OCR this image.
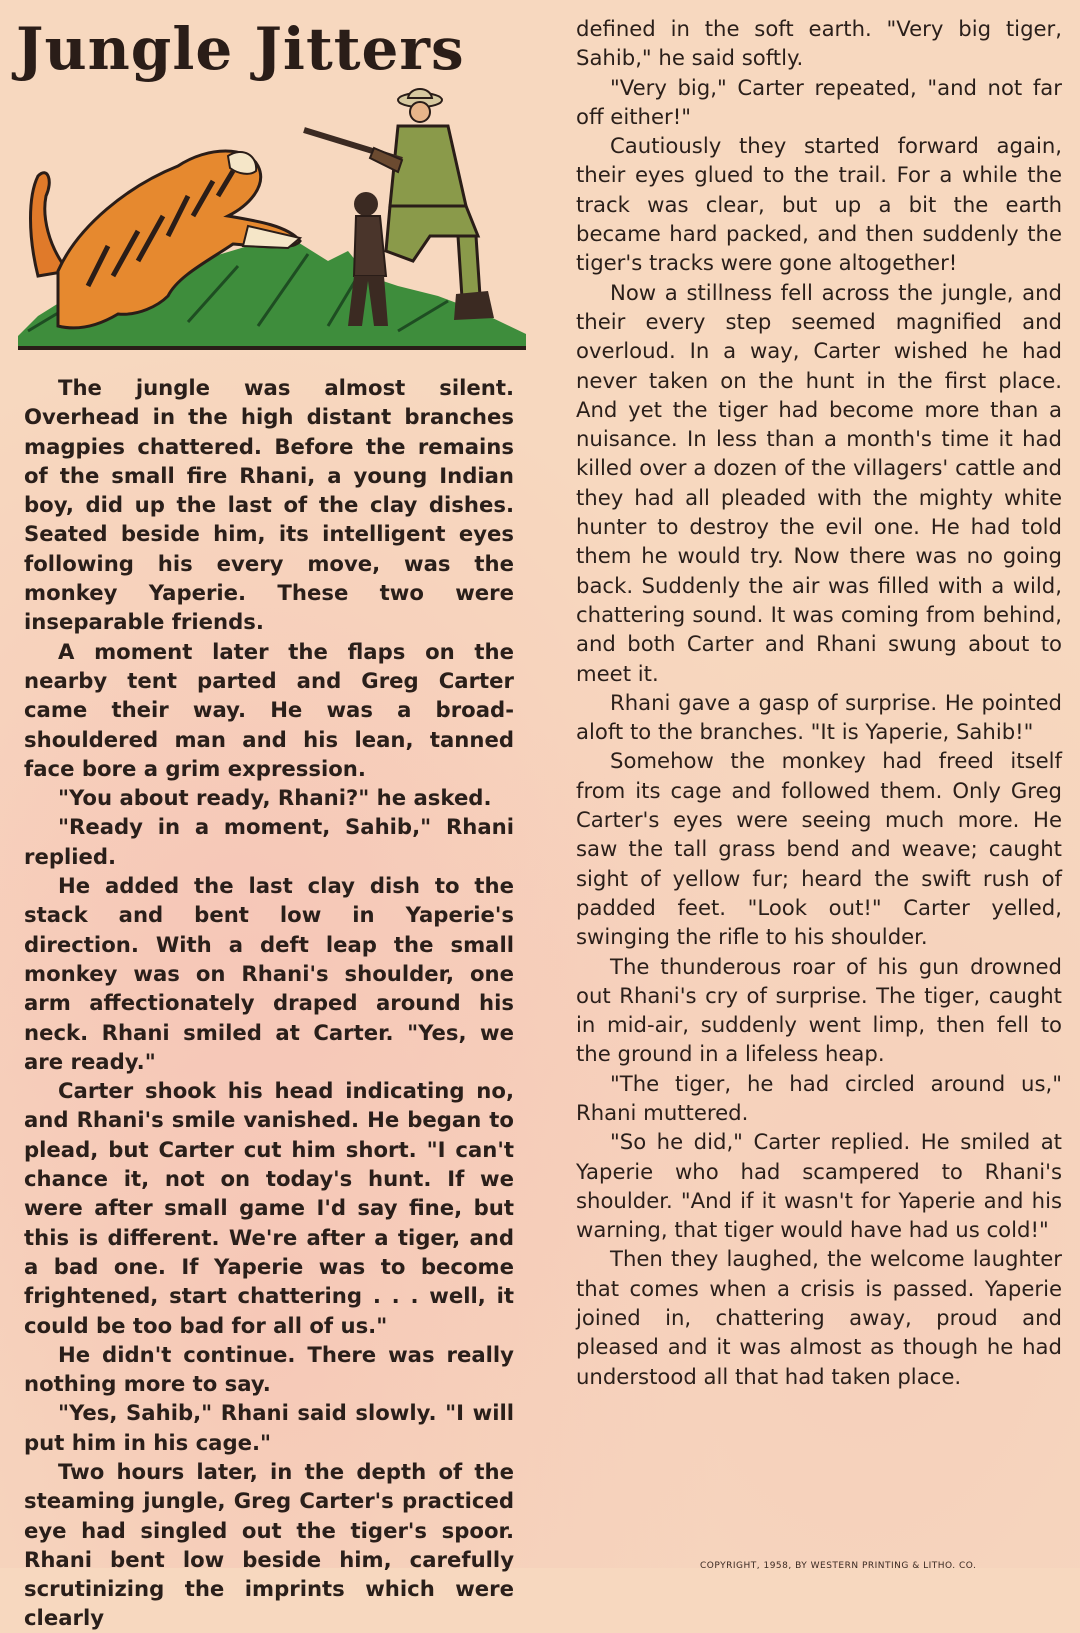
Jungle Jitters

The jungle was almost silent. Overhead in the high distant branches magpies chattered. Before the remains of the small fire Rhani, a young Indian boy, did up the last of the clay dishes. Seated beside him, its intelligent eyes following his every move, was the monkey Yaperie. These two were inseparable friends.

A moment later the flaps on the nearby tent parted and Greg Carter came their way. He was a broad-shouldered man and his lean, tanned face bore a grim expression.

"You about ready, Rhani?" he asked.

"Ready in a moment, Sahib," Rhani replied.

He added the last clay dish to the stack and bent low in Yaperie's direction. With a deft leap the small monkey was on Rhani's shoulder, one arm affectionately draped around his neck. Rhani smiled at Carter. "Yes, we are ready."

Carter shook his head indicating no, and Rhani's smile vanished. He began to plead, but Carter cut him short. "I can't chance it, not on today's hunt. If we were after small game I'd say fine, but this is different. We're after a tiger, and a bad one. If Yaperie was to become frightened, start chattering . . . well, it could be too bad for all of us."

He didn't continue. There was really nothing more to say.

"Yes, Sahib," Rhani said slowly. "I will put him in his cage."

Two hours later, in the depth of the steaming jungle, Greg Carter's practiced eye had singled out the tiger's spoor. Rhani bent low beside him, carefully scrutinizing the imprints which were clearly

defined in the soft earth. "Very big tiger, Sahib," he said softly.

"Very big," Carter repeated, "and not far off either!"

Cautiously they started forward again, their eyes glued to the trail. For a while the track was clear, but up a bit the earth became hard packed, and then suddenly the tiger's tracks were gone altogether!

Now a stillness fell across the jungle, and their every step seemed magnified and overloud. In a way, Carter wished he had never taken on the hunt in the first place. And yet the tiger had become more than a nuisance. In less than a month's time it had killed over a dozen of the villagers' cattle and they had all pleaded with the mighty white hunter to destroy the evil one. He had told them he would try. Now there was no going back. Suddenly the air was filled with a wild, chattering sound. It was coming from behind, and both Carter and Rhani swung about to meet it.

Rhani gave a gasp of surprise. He pointed aloft to the branches. "It is Yaperie, Sahib!"

Somehow the monkey had freed itself from its cage and followed them. Only Greg Carter's eyes were seeing much more. He saw the tall grass bend and weave; caught sight of yellow fur; heard the swift rush of padded feet. "Look out!" Carter yelled, swinging the rifle to his shoulder.

The thunderous roar of his gun drowned out Rhani's cry of surprise. The tiger, caught in mid-air, suddenly went limp, then fell to the ground in a lifeless heap.

"The tiger, he had circled around us," Rhani muttered.

"So he did," Carter replied. He smiled at Yaperie who had scampered to Rhani's shoulder. "And if it wasn't for Yaperie and his warning, that tiger would have had us cold!"

Then they laughed, the welcome laughter that comes when a crisis is passed. Yaperie joined in, chattering away, proud and pleased and it was almost as though he had understood all that had taken place.

COPYRIGHT, 1958, BY WESTERN PRINTING & LITHO. CO.
